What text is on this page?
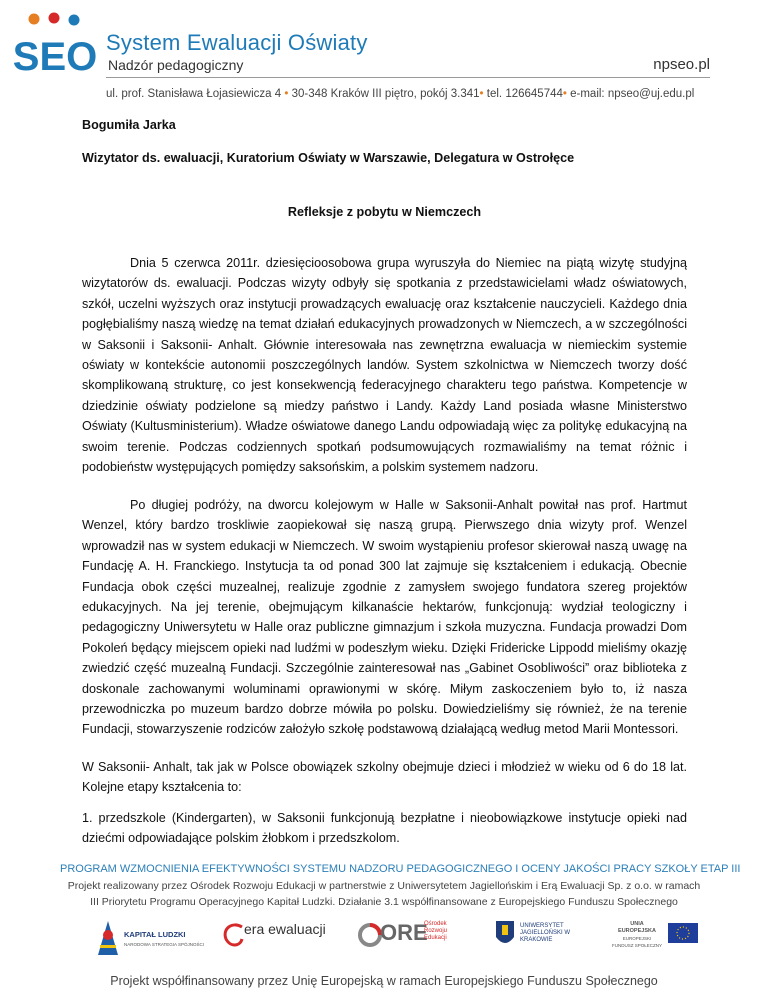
SEO System Ewaluacji Oświaty
Nadzór pedagogiczny	npseo.pl
ul. prof. Stanisława Łojasiewicza 4 • 30-348 Kraków III piętro, pokój 3.341• tel. 126645744• e-mail: npseo@uj.edu.pl
Bogumiła Jarka
Wizytator ds. ewaluacji, Kuratorium Oświaty w Warszawie, Delegatura w Ostrołęce
Refleksje z pobytu w Niemczech
Dnia 5 czerwca 2011r. dziesięcioosobowa grupa wyruszyła do Niemiec na piątą wizytę studyjną wizytatorów ds. ewaluacji. Podczas wizyty odbyły się spotkania z przedstawicielami władz oświatowych, szkół, uczelni wyższych oraz instytucji prowadzących ewaluację oraz kształcenie nauczycieli. Każdego dnia pogłębialiśmy naszą wiedzę na temat działań edukacyjnych prowadzonych w Niemczech, a w szczególności w Saksonii i Saksonii- Anhalt. Głównie interesowała nas zewnętrzna ewaluacja w niemieckim systemie oświaty w kontekście autonomii poszczególnych landów. System szkolnictwa w Niemczech tworzy dość skomplikowaną strukturę, co jest konsekwencją federacyjnego charakteru tego państwa. Kompetencje w dziedzinie oświaty podzielone są miedzy państwo i Landy. Każdy Land posiada własne Ministerstwo Oświaty (Kultusministerium). Władze oświatowe danego Landu odpowiadają więc za politykę edukacyjną na swoim terenie. Podczas codziennych spotkań podsumowujących rozmawialiśmy na temat różnic i podobieństw występujących pomiędzy saksońskim, a polskim systemem nadzoru.
Po długiej podróży, na dworcu kolejowym w Halle w Saksonii-Anhalt powitał nas prof. Hartmut Wenzel, który bardzo troskliwie zaopiekował się naszą grupą. Pierwszego dnia wizyty prof. Wenzel wprowadził nas w system edukacji w Niemczech. W swoim wystąpieniu profesor skierował naszą uwagę na Fundację A. H. Franckiego. Instytucja ta od ponad 300 lat zajmuje się kształceniem i edukacją. Obecnie Fundacja obok części muzealnej, realizuje zgodnie z zamysłem swojego fundatora szereg projektów edukacyjnych. Na jej terenie, obejmującym kilkanaście hektarów, funkcjonują: wydział teologiczny i pedagogiczny Uniwersytetu w Halle oraz publiczne gimnazjum i szkoła muzyczna. Fundacja prowadzi Dom Pokoleń będący miejscem opieki nad ludźmi w podeszłym wieku. Dzięki Fridericke Lippodd mieliśmy okazję zwiedzić część muzealną Fundacji. Szczególnie zainteresował nas „Gabinet Osobliwości” oraz biblioteka z doskonale zachowanymi woluminami oprawionymi w skórę. Miłym zaskoczeniem było to, iż nasza przewodniczka po muzeum bardzo dobrze mówiła po polsku. Dowiedzieliśmy się również, że na terenie Fundacji, stowarzyszenie rodziców założyło szkołę podstawową działającą według metod Marii Montessori.
W Saksonii- Anhalt, tak jak w Polsce obowiązek szkolny obejmuje dzieci i młodzież w wieku od 6 do 18 lat. Kolejne etapy kształcenia to:
1. przedszkole (Kindergarten), w Saksonii funkcjonują bezpłatne i nieobowiązkowe instytucje opieki nad dziećmi odpowiadające polskim żłobkom i przedszkolom.
PROGRAM WZMOCNIENIA EFEKTYWNOŚCI SYSTEMU NADZORU PEDAGOGICZNEGO I OCENY JAKOŚCI PRACY SZKOŁY ETAP III
Projekt realizowany przez Ośrodek Rozwoju Edukacji w partnerstwie z Uniwersytetem Jagiellońskim i Erą Ewaluacji Sp. z o.o. w ramach
III Priorytetu Programu Operacyjnego Kapitał Ludzki. Działanie 3.1 współfinansowane z Europejskiego Funduszu Społecznego
KAPITAŁ LUDZKI
NARODOWA STRATEGIA SPÓJNOŚCI
era ewaluacji ORE
Ośrodek Rozwoju Edukacji
UNIWERSYTET JAGIELLOŃSKI W KRAKOWIE
UNIA EUROPEJSKA
EUROPEJSKI FUNDUSZ SPOŁECZNY
Projekt współfinansowany przez Unię Europejską w ramach Europejskiego Funduszu Społecznego
